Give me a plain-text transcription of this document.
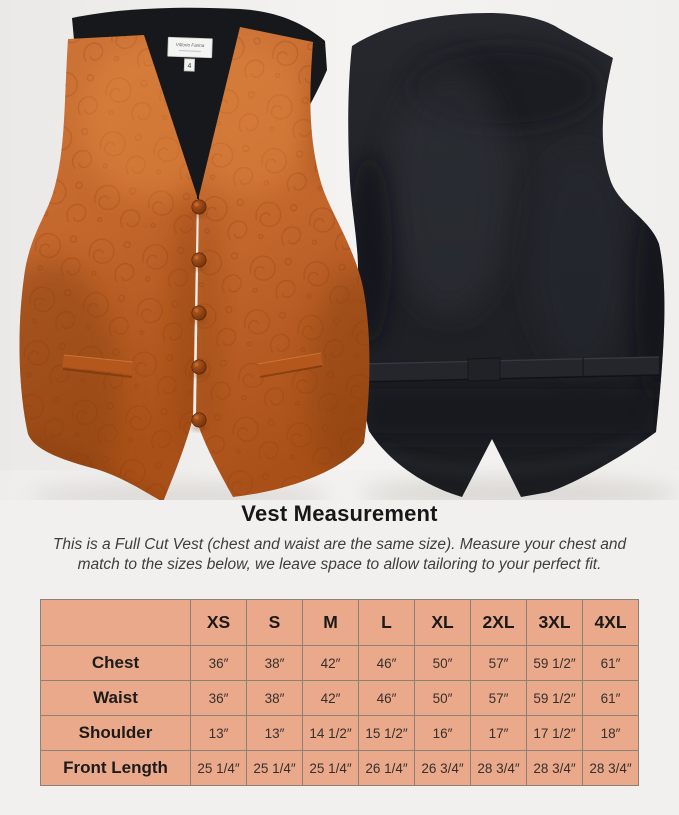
Vittorio Farina
4
Vest Measurement

This is a Full Cut Vest (chest and waist are the same size). Measure your chest and
match to the sizes below, we leave space to allow tailoring to your perfect fit.

	XS	S	M	L	XL	2XL	3XL	4XL
Chest	36″	38″	42″	46″	50″	57″	59 1/2″	61″
Waist	36″	38″	42″	46″	50″	57″	59 1/2″	61″
Shoulder	13″	13″	14 1/2″	15 1/2″	16″	17″	17 1/2″	18″
Front Length	25 1/4″	25 1/4″	25 1/4″	26 1/4″	26 3/4″	28 3/4″	28 3/4″	28 3/4″
